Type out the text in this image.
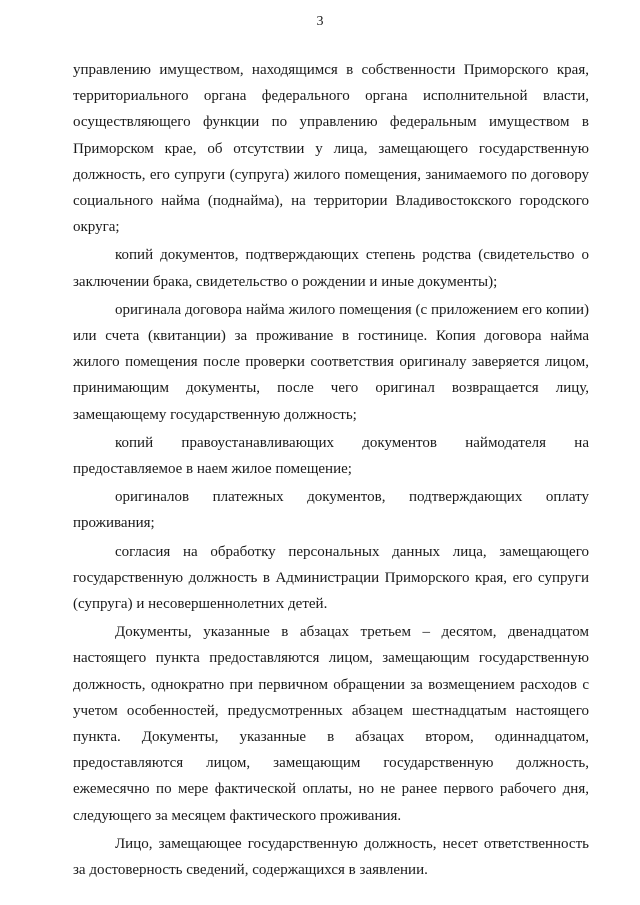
3

управлению имуществом, находящимся в собственности Приморского края, территориального органа федерального органа исполнительной власти, осуществляющего функции по управлению федеральным имуществом в Приморском крае, об отсутствии у лица, замещающего государственную должность, его супруги (супруга) жилого помещения, занимаемого по договору социального найма (поднайма), на территории Владивостокского городского округа;

копий документов, подтверждающих степень родства (свидетельство о заключении брака, свидетельство о рождении и иные документы);

оригинала договора найма жилого помещения (с приложением его копии) или счета (квитанции) за проживание в гостинице. Копия договора найма жилого помещения после проверки соответствия оригиналу заверяется лицом, принимающим документы, после чего оригинал возвращается лицу, замещающему государственную должность;

копий правоустанавливающих документов наймодателя на предоставляемое в наем жилое помещение;

оригиналов платежных документов, подтверждающих оплату проживания;

согласия на обработку персональных данных лица, замещающего государственную должность в Администрации Приморского края, его супруги (супруга) и несовершеннолетних детей.

Документы, указанные в абзацах третьем – десятом, двенадцатом настоящего пункта предоставляются лицом, замещающим государственную должность, однократно при первичном обращении за возмещением расходов с учетом особенностей, предусмотренных абзацем шестнадцатым настоящего пункта. Документы, указанные в абзацах втором, одиннадцатом, предоставляются лицом, замещающим государственную должность, ежемесячно по мере фактической оплаты, но не ранее первого рабочего дня, следующего за месяцем фактического проживания.

Лицо, замещающее государственную должность, несет ответственность за достоверность сведений, содержащихся в заявлении.
